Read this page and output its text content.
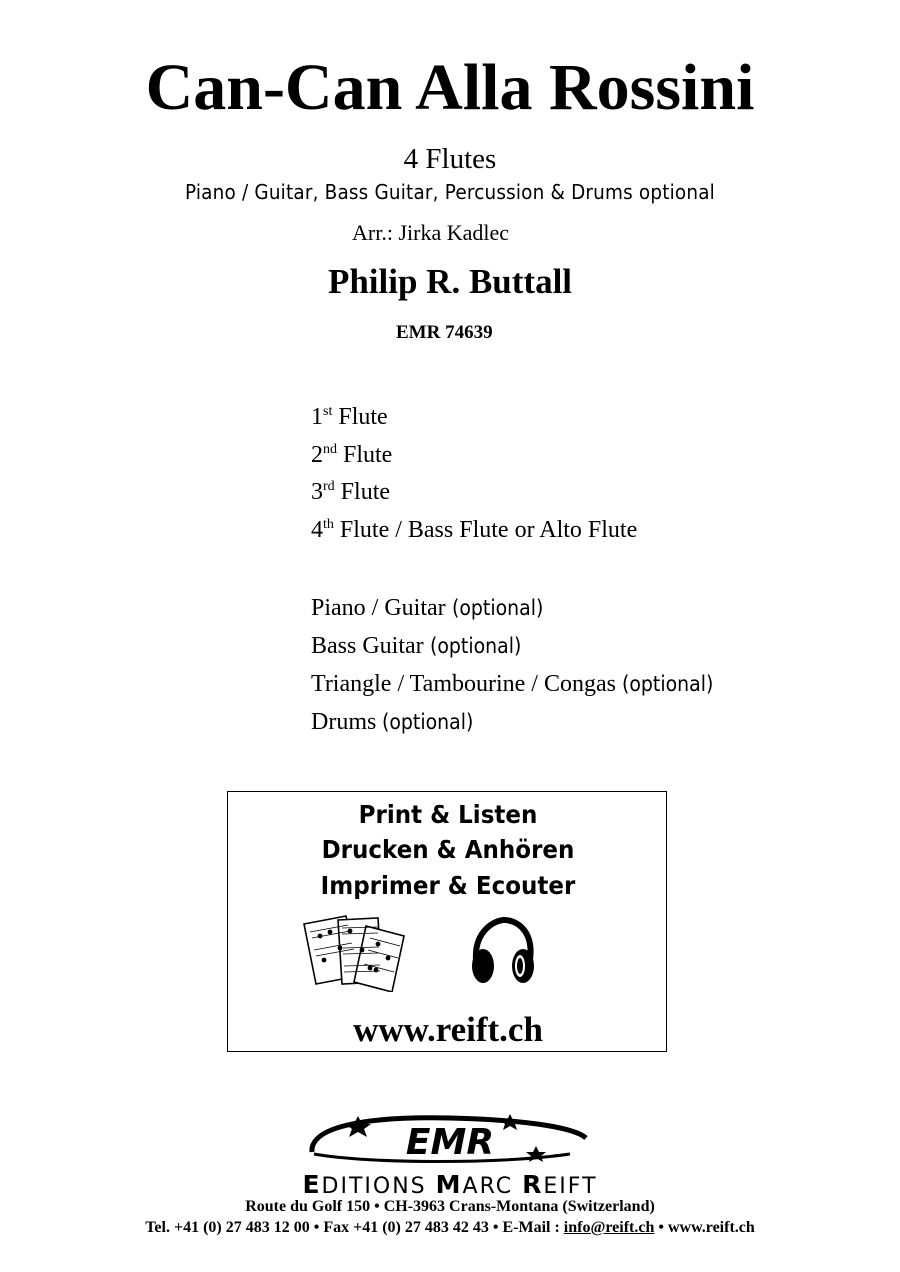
Can-Can Alla Rossini
4 Flutes
Piano / Guitar, Bass Guitar, Percussion & Drums optional
Arr.: Jirka Kadlec
Philip R. Buttall
EMR 74639
1st Flute
2nd Flute
3rd Flute
4th Flute / Bass Flute or Alto Flute
Piano / Guitar (optional)
Bass Guitar (optional)
Triangle / Tambourine / Congas (optional)
Drums (optional)
Print & Listen
Drucken & Anhören
Imprimer & Ecouter
www.reift.ch
EMR
EDITIONS MARC REIFT
Route du Golf 150 • CH-3963 Crans-Montana (Switzerland)
Tel. +41 (0) 27 483 12 00 • Fax +41 (0) 27 483 42 43 • E-Mail : info@reift.ch • www.reift.ch
